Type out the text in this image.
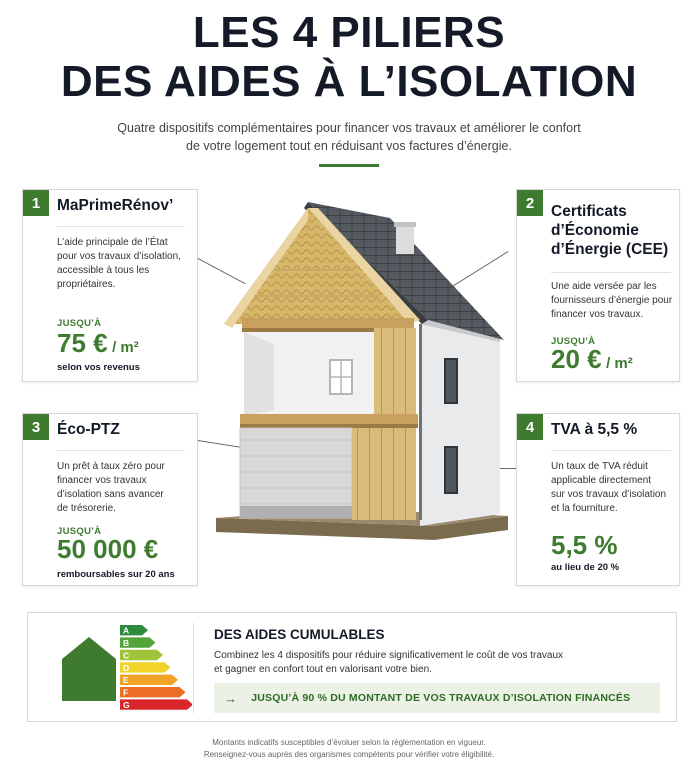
LES 4 PILIERS
DES AIDES À L’ISOLATION
Quatre dispositifs complémentaires pour financer vos travaux et améliorer le confort
de votre logement tout en réduisant vos factures d’énergie.
1	MaPrimeRénov’

L’aide principale de l’État
pour vos travaux d’isolation,
accessible à tous les
propriétaires.

JUSQU’À
75 € / m²
selon vos revenus
2	Certificats
d’Économie
d’Énergie (CEE)

Une aide versée par les
fournisseurs d’énergie pour
financer vos travaux.

JUSQU’À
20 € / m²
3	Éco-PTZ

Un prêt à taux zéro pour
financer vos travaux
d’isolation sans avancer
de trésorerie.

JUSQU’À
50 000 €
remboursables sur 20 ans
4	TVA à 5,5 %

Un taux de TVA réduit
applicable directement
sur vos travaux d’isolation
et la fourniture.

5,5 %
au lieu de 20 %
A
B
C
D
E
F
G
DES AIDES CUMULABLES

Combinez les 4 dispositifs pour réduire significativement le coût de vos travaux
et gagner en confort tout en valorisant votre bien.

→ JUSQU’À 90 % DU MONTANT DE VOS TRAVAUX D’ISOLATION FINANCÉS
Montants indicatifs susceptibles d’évoluer selon la réglementation en vigueur.
Renseignez-vous auprès des organismes compétents pour vérifier votre éligibilité.
